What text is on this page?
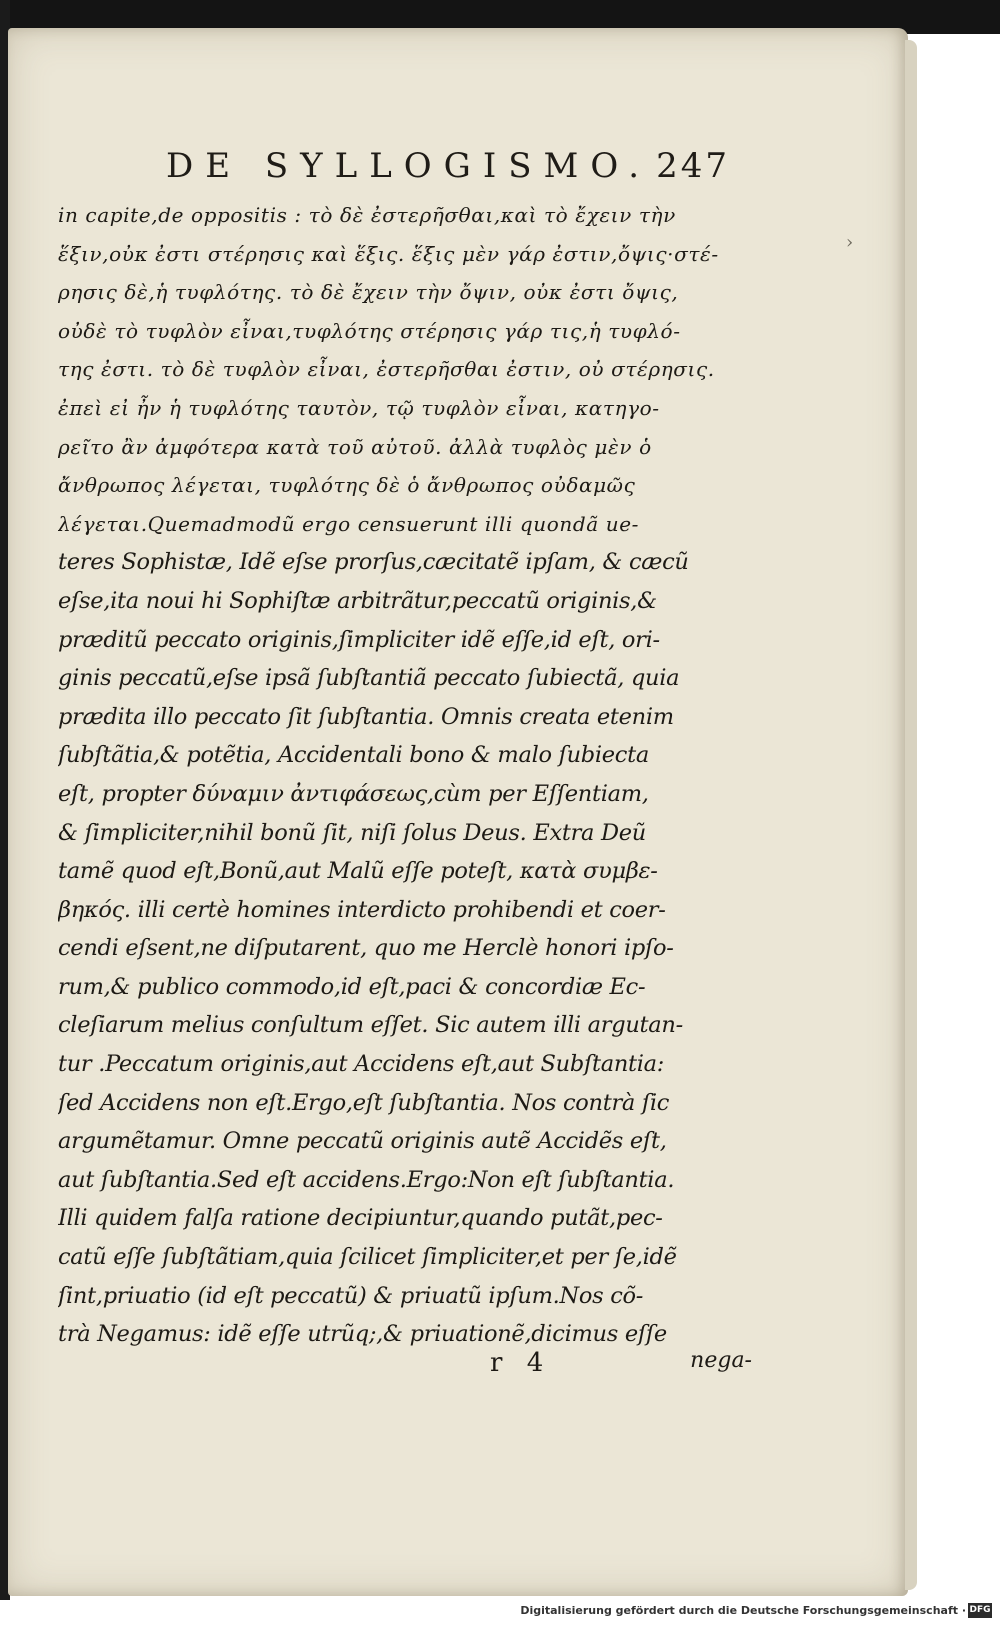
DE SYLLOGISMO. 247
›
in capite,de oppositis : τὸ δὲ ἐστερῆσθαι,καὶ τὸ ἔχειν τὴν
ἕξιν,οὐκ ἐστι στέρησις καὶ ἕξις. ἕξις μὲν γάρ ἐστιν,ὄψις·στέ-
ρησις δὲ,ἡ τυφλότης. τὸ δὲ ἔχειν τὴν ὄψιν, οὐκ ἐστι ὄψις,
οὐδὲ τὸ τυφλὸν εἶναι,τυφλότης στέρησις γάρ τις,ἡ τυφλό-
της ἐστι. τὸ δὲ τυφλὸν εἶναι, ἐστερῆσθαι ἐστιν, οὐ στέρησις.
ἐπεὶ εἰ ἦν ἡ τυφλότης ταυτὸν, τῷ τυφλὸν εἶναι, κατηγο-
ρεῖτο ἂν ἀμφότερα κατὰ τοῦ αὐτοῦ. ἀλλὰ τυφλὸς μὲν ὁ
ἄνθρωπος λέγεται, τυφλότης δὲ ὁ ἄνθρωπος οὐδαμῶς
λέγεται.Quemadmodũ ergo censuerunt illi quondã ue-
teres Sophistæ, Idẽ eſse prorſus,cæcitatẽ ipſam, & cæcũ
eſse,ita noui hi Sophiſtæ arbitrãtur,peccatũ originis,&
præditũ peccato originis,ſimpliciter idẽ eſſe,id eſt, ori-
ginis peccatũ,eſse ipsã ſubſtantiã peccato ſubiectã, quia
prædita illo peccato ſit ſubſtantia. Omnis creata etenim
ſubſtãtia,& potẽtia, Accidentali bono & malo ſubiecta
eſt, propter δύναμιν ἀντιφάσεως,cùm per Eſſentiam,
& ſimpliciter,nihil bonũ ſit, niſi ſolus Deus. Extra Deũ
tamẽ quod eſt,Bonũ,aut Malũ eſſe poteſt, κατὰ συμβε-
βηκός. illi certè homines interdicto prohibendi et coer-
cendi eſsent,ne diſputarent, quo me Herclè honori ipſo-
rum,& publico commodo,id eſt,paci & concordiæ Ec-
cleſiarum melius conſultum eſſet. Sic autem illi argutan-
tur .Peccatum originis,aut Accidens eſt,aut Subſtantia:
ſed Accidens non eſt.Ergo,eſt ſubſtantia. Nos contrà ſic
argumẽtamur. Omne peccatũ originis autẽ Accidẽs eſt,
aut ſubſtantia.Sed eſt accidens.Ergo:Non eſt ſubſtantia.
Illi quidem falſa ratione decipiuntur,quando putãt,pec-
catũ eſſe ſubſtãtiam,quia ſcilicet ſimpliciter,et per ſe,idẽ
ſint,priuatio (id eſt peccatũ) & priuatũ ipſum.Nos cõ-
trà Negamus: idẽ eſſe utrũq;,& priuationẽ,dicimus eſſe
r 4	nega-
Digitalisierung gefördert durch die Deutsche Forschungsgemeinschaft · DFG
